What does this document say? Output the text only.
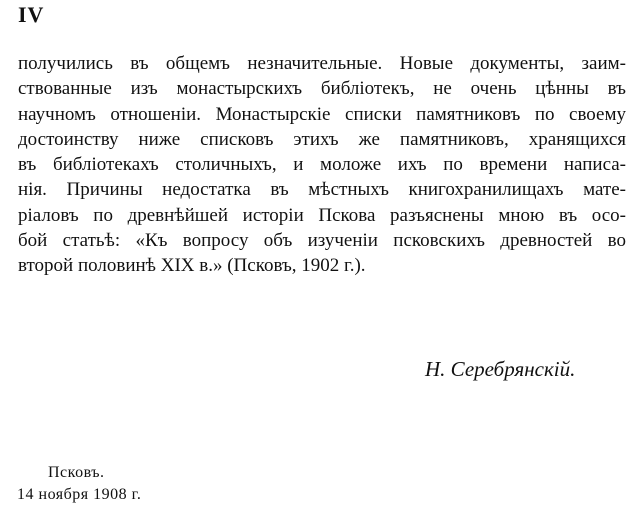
IV
получились въ общемъ незначительные. Новые документы, заим-
ствованные изъ монастырскихъ библіотекъ, не очень цѣнны въ
научномъ отношеніи. Монастырскіе списки памятниковъ по своему
достоинству ниже списковъ этихъ же памятниковъ, хранящихся
въ библіотекахъ столичныхъ, и моложе ихъ по времени написа-
нія. Причины недостатка въ мѣстныхъ книгохранилищахъ мате-
ріаловъ по древнѣйшей исторіи Пскова разъяснены мною въ осо-
бой статьѣ: «Къ вопросу объ изученіи псковскихъ древностей во
второй половинѣ XIX в.» (Псковъ, 1902 г.).
Н. Серебрянскій.
Псковъ.
14 ноября 1908 г.
